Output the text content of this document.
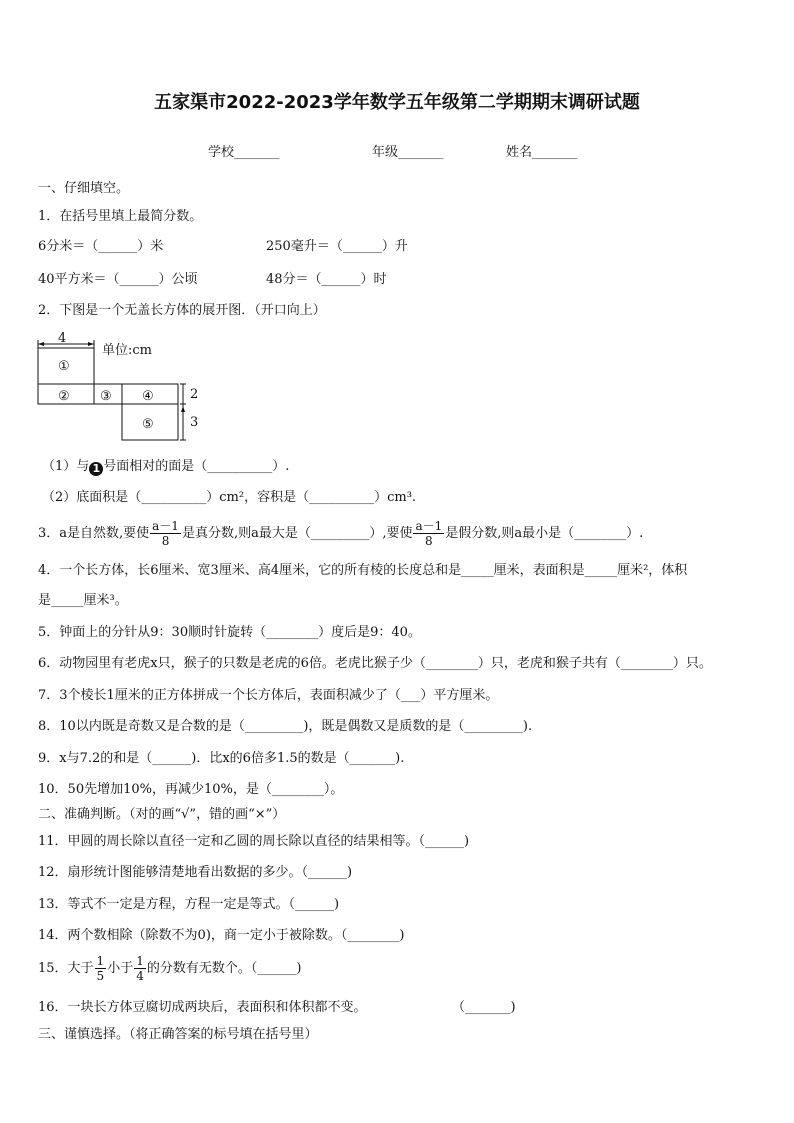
五家渠市2022-2023学年数学五年级第二学期期末调研试题
学校_______	年级_______	姓名_______
一、仔细填空。
1．在括号里填上最简分数。
6分米＝（______）米	250毫升＝（______）升
40平方米＝（______）公顷	48分＝（______）时
2．下图是一个无盖长方体的展开图．（开口向上）
4
2
3
①
② ③ ④
⑤
单位:cm
（1）与 1 号面相对的面是（__________）.
（2）底面积是（__________）cm²，容积是（__________）cm³.
3．a是自然数,要使 $\frac{a-1}{8}$ 是真分数,则a最大是（_________）,要使 $\frac{a-1}{8}$ 是假分数,则a最小是（________）.
4．一个长方体，长6厘米、宽3厘米、高4厘米，它的所有棱的长度总和是_____厘米，表面积是_____厘米²，体积
是_____厘米³。
5．钟面上的分针从9：30顺时针旋转（________）度后是9：40。
6．动物园里有老虎x只，猴子的只数是老虎的6倍。老虎比猴子少（________）只，老虎和猴子共有（________）只。
7．3个棱长1厘米的正方体拼成一个长方体后，表面积减少了（___）平方厘米。
8．10以内既是奇数又是合数的是（_________)，既是偶数又是质数的是（_________).
9．x与7.2的和是（______)．比x的6倍多1.5的数是（_______).
10．50先增加10%，再减少10%，是（________）。
二、准确判断。（对的画“√”，错的画“×”）
11．甲圆的周长除以直径一定和乙圆的周长除以直径的结果相等。（______)
12．扇形统计图能够清楚地看出数据的多少。（______)
13．等式不一定是方程，方程一定是等式。（______)
14．两个数相除（除数不为0)，商一定小于被除数。（________)
15．大于 $\frac{1}{5}$ 小于 $\frac{1}{4}$ 的分数有无数个。（______)
16．一块长方体豆腐切成两块后，表面积和体积都不变。	（_______)
三、谨慎选择。（将正确答案的标号填在括号里）
